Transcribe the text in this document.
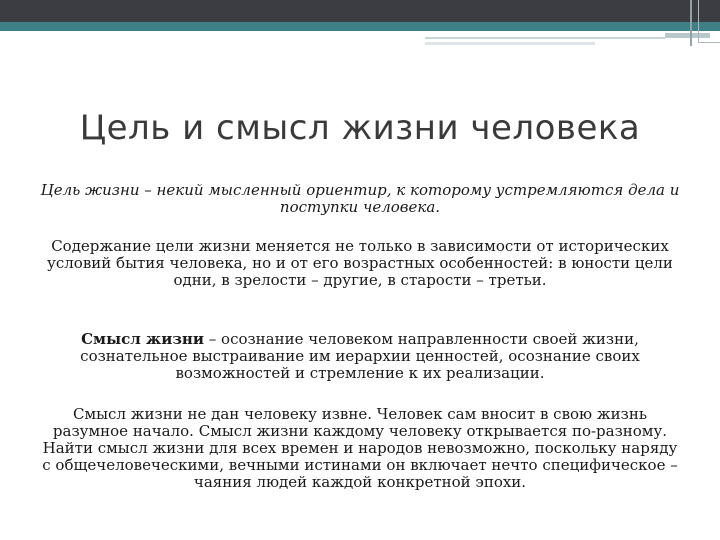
Цель и смысл жизни человека
Цель жизни – некий мысленный ориентир, к которому устремляются дела и поступки человека.
Содержание цели жизни меняется не только в зависимости от исторических условий бытия человека, но и от его возрастных особенностей: в юности цели одни, в зрелости – другие, в старости – третьи.
Смысл жизни – осознание человеком направленности своей жизни, сознательное выстраивание им иерархии ценностей, осознание своих возможностей и стремление к их реализации.
Смысл жизни не дан человеку извне. Человек сам вносит в свою жизнь разумное начало. Смысл жизни каждому человеку открывается по-разному. Найти смысл жизни для всех времен и народов невозможно, поскольку наряду с общечеловеческими, вечными истинами он включает нечто специфическое – чаяния людей каждой конкретной эпохи.
